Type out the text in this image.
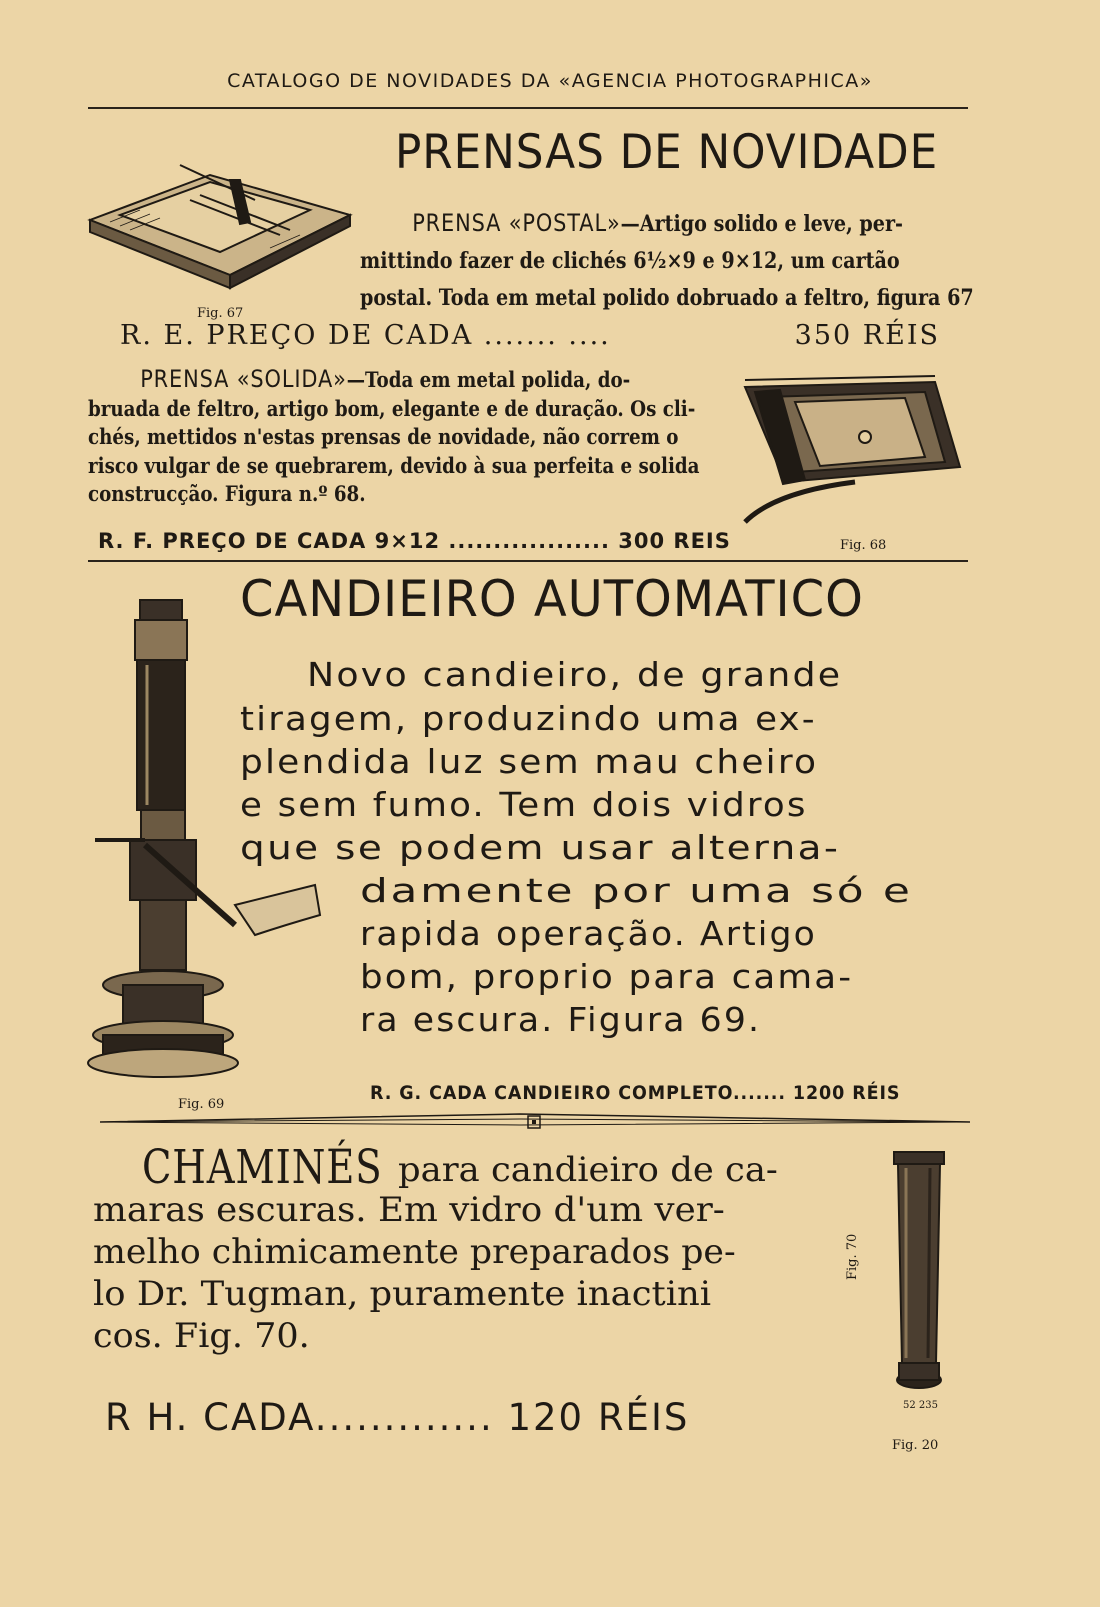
CATALOGO DE NOVIDADES DA «AGENCIA PHOTOGRAPHICA»
Fig. 67
PRENSAS DE NOVIDADE
PRENSA «POSTAL»—Artigo solido e leve, per-
mittindo fazer de clichés 6½×9 e 9×12, um cartão
postal. Toda em metal polido dobruado a feltro, figura 67
R. E. PREÇO DE CADA ....... ....	350 RÉIS
PRENSA «SOLIDA»—Toda em metal polida, do-
bruada de feltro, artigo bom, elegante e de duração. Os cli-
chés, mettidos n'estas prensas de novidade, não correm o
risco vulgar de se quebrarem, devido à sua perfeita e solida
construcção. Figura n.º 68.
Fig. 68
R. F. PREÇO DE CADA 9×12 .................. 300 REIS
CANDIEIRO AUTOMATICO
Fig. 69
Novo candieiro, de grande
tiragem, produzindo uma ex-
plendida luz sem mau cheiro
e sem fumo. Tem dois vidros
que se podem usar alterna-
damente por uma só e
rapida operação. Artigo
bom, proprio para cama-
ra escura. Figura 69.
R. G. CADA CANDIEIRO COMPLETO....... 1200 RÉIS
CHAMINÉS para candieiro de ca-
maras escuras. Em vidro d'um ver-
melho chimicamente preparados pe-
lo Dr. Tugman, puramente inactini
cos. Fig. 70.
R H. CADA............. 120 RÉIS
Fig. 70
52 235
Fig. 20
